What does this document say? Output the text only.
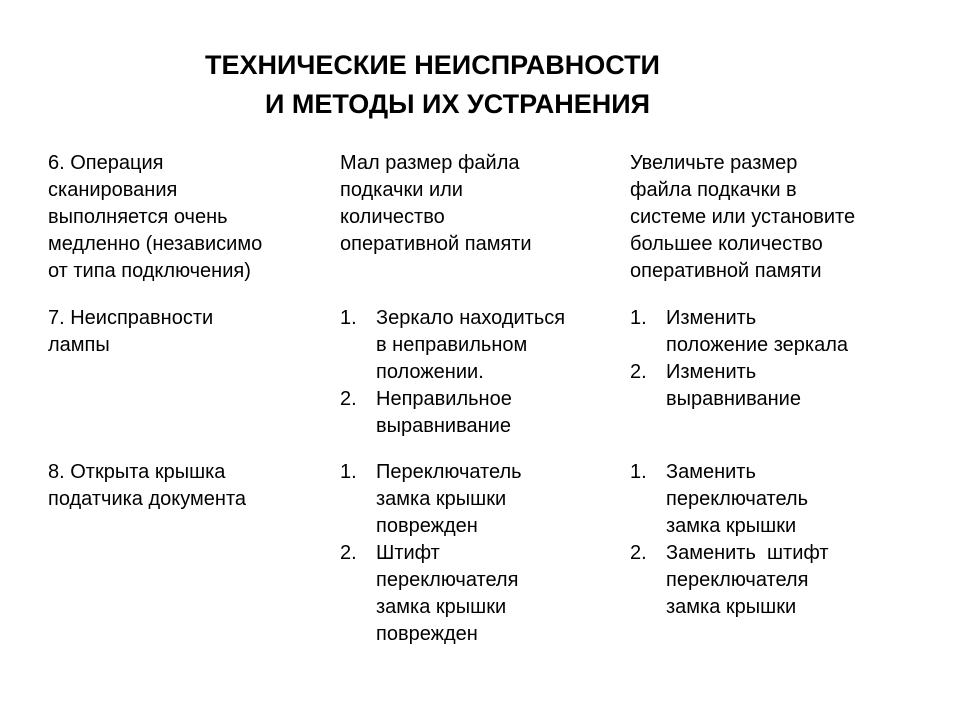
ТЕХНИЧЕСКИЕ НЕИСПРАВНОСТИ
И МЕТОДЫ ИХ УСТРАНЕНИЯ
6. Операция
сканирования
выполняется очень
медленно (независимо
от типа подключения)
Мал размер файла
подкачки или
количество
оперативной памяти
Увеличьте размер
файла подкачки в
системе или установите
большее количество
оперативной памяти
7. Неисправности
лампы
1. Зеркало находиться
в неправильном
положении.
2. Неправильное
выравнивание
1. Изменить
положение зеркала
2. Изменить
выравнивание
8. Открыта крышка
податчика документа
1. Переключатель
замка крышки
поврежден
2. Штифт
переключателя
замка крышки
поврежден
1. Заменить
переключатель
замка крышки
2. Заменить  штифт
переключателя
замка крышки
